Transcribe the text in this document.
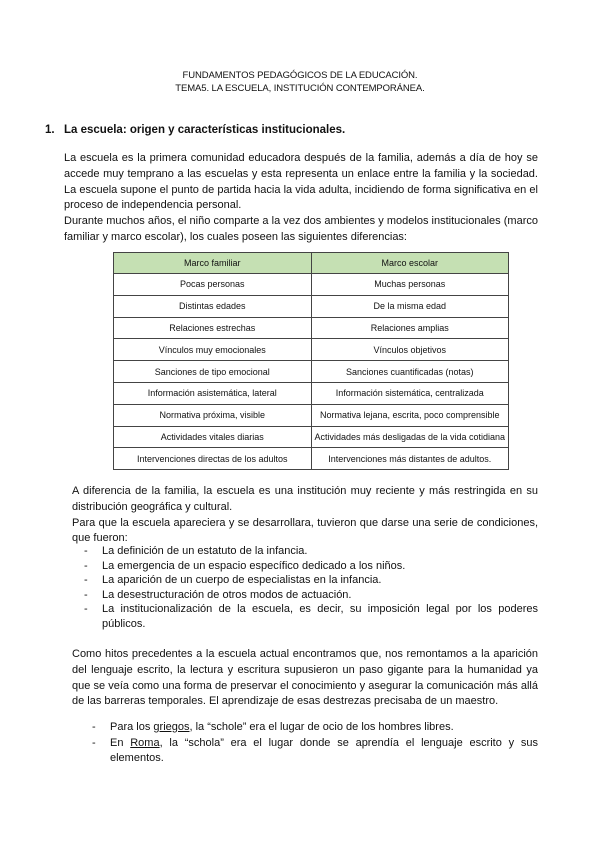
FUNDAMENTOS PEDAGÓGICOS DE LA EDUCACIÓN.
TEMA5. LA ESCUELA, INSTITUCIÓN CONTEMPORÁNEA.
1. La escuela: origen y características institucionales.
La escuela es la primera comunidad educadora después de la familia, además a día de hoy se accede muy temprano a las escuelas y esta representa un enlace entre la familia y la sociedad. La escuela supone el punto de partida hacia la vida adulta, incidiendo de forma significativa en el proceso de independencia personal.
Durante muchos años, el niño comparte a la vez dos ambientes y modelos institucionales (marco familiar y marco escolar), los cuales poseen las siguientes diferencias:
Marco familiar	Marco escolar
Pocas personas	Muchas personas
Distintas edades	De la misma edad
Relaciones estrechas	Relaciones amplias
Vínculos muy emocionales	Vínculos objetivos
Sanciones de tipo emocional	Sanciones cuantificadas (notas)
Información asistemática, lateral	Información sistemática, centralizada
Normativa próxima, visible	Normativa lejana, escrita, poco comprensible
Actividades vitales diarias	Actividades más desligadas de la vida cotidiana
Intervenciones directas de los adultos	Intervenciones más distantes de adultos.
A diferencia de la familia, la escuela es una institución muy reciente y más restringida en su distribución geográfica y cultural.
Para que la escuela apareciera y se desarrollara, tuvieron que darse una serie de condiciones, que fueron:
- La definición de un estatuto de la infancia.
- La emergencia de un espacio específico dedicado a los niños.
- La aparición de un cuerpo de especialistas en la infancia.
- La desestructuración de otros modos de actuación.
- La institucionalización de la escuela, es decir, su imposición legal por los poderes públicos.
Como hitos precedentes a la escuela actual encontramos que, nos remontamos a la aparición del lenguaje escrito, la lectura y escritura supusieron un paso gigante para la humanidad ya que se veía como una forma de preservar el conocimiento y asegurar la comunicación más allá de las barreras temporales. El aprendizaje de esas destrezas precisaba de un maestro.
- Para los griegos, la “schole” era el lugar de ocio de los hombres libres.
- En Roma, la “schola” era el lugar donde se aprendía el lenguaje escrito y sus elementos.
